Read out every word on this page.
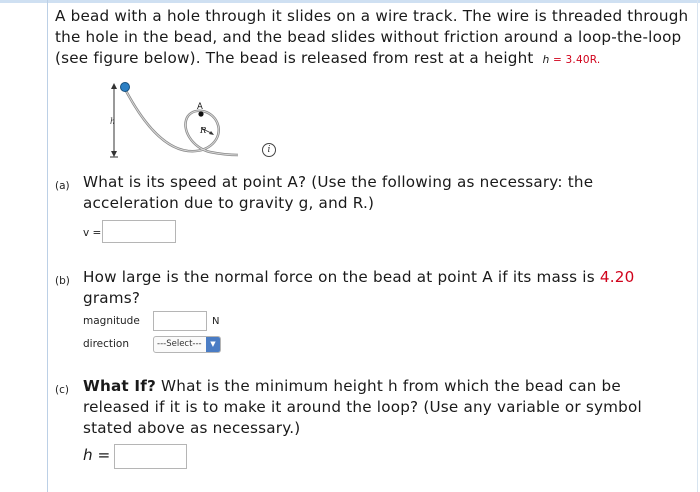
A bead with a hole through it slides on a wire track. The wire is threaded through the hole in the bead, and the bead slides without friction around a loop-the-loop (see figure below). The bead is released from rest at a height h = 3.40R.
h
A
R
i
(a) What is its speed at point A? (Use the following as necessary: the acceleration due to gravity g, and R.)
v =
(b) How large is the normal force on the bead at point A if its mass is 4.20 grams?
magnitude	N
direction	---Select---	▼
(c) What If? What is the minimum height h from which the bead can be released if it is to make it around the loop? (Use any variable or symbol stated above as necessary.)
h =
